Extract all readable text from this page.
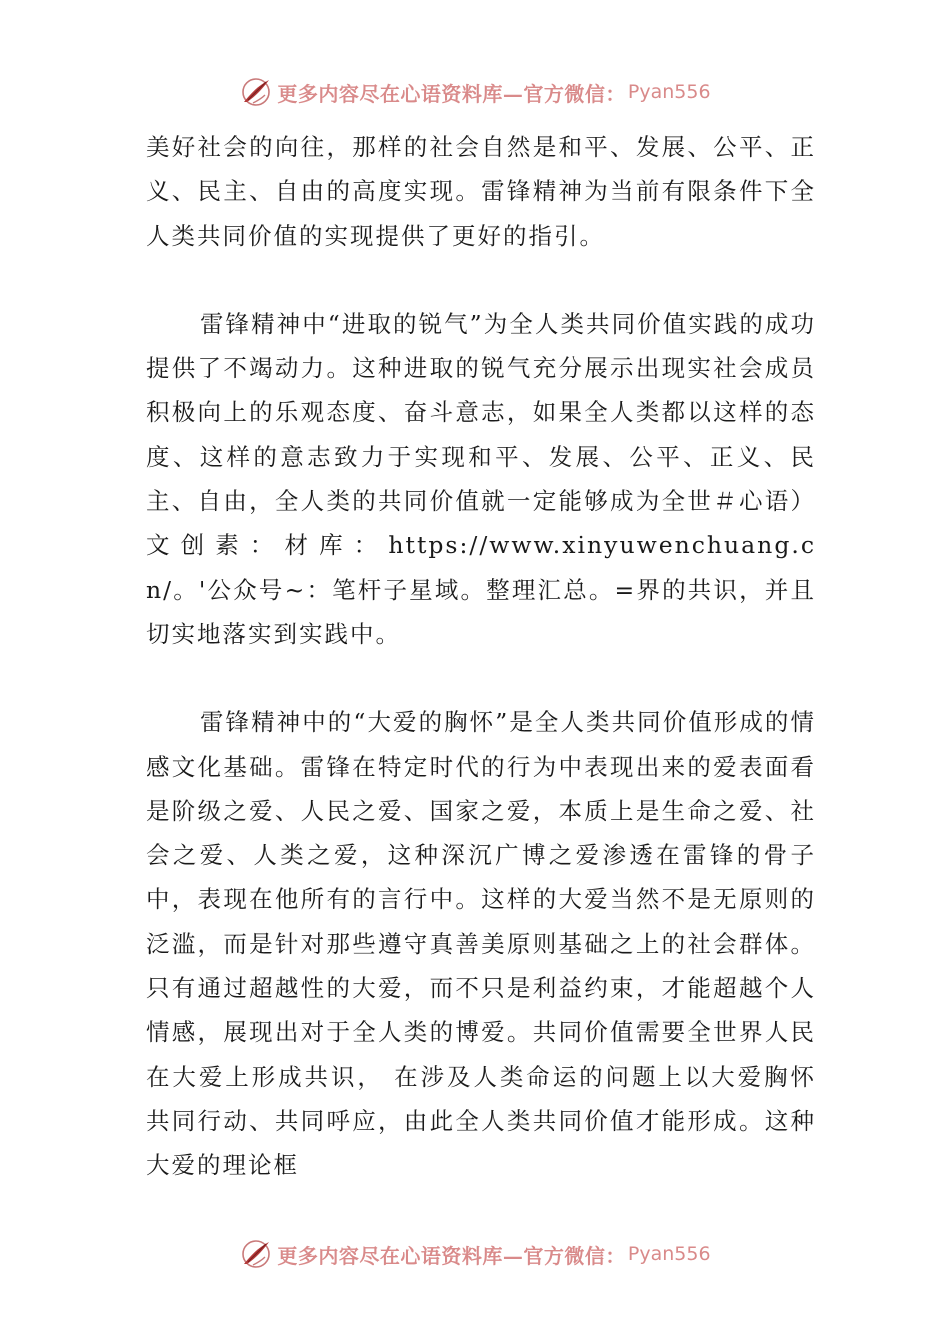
更多内容尽在心语资料库—官方微信： Pyan556

美好社会的向往，那样的社会自然是和平、发展、公平、正义、民主、自由的高度实现。雷锋精神为当前有限条件下全人类共同价值的实现提供了更好的指引。

雷锋精神中“进取的锐气”为全人类共同价值实践的成功提供了不竭动力。这种进取的锐气充分展示出现实社会成员积极向上的乐观态度、奋斗意志，如果全人类都以这样的态度、这样的意志致力于实现和平、发展、公平、正义、民主、自由，全人类的共同价值就一定能够成为全世＃心语）文创素：材库：https://www.xinyuwenchuang.cn/。'公众号~：笔杆子星域。整理汇总。=界的共识，并且切实地落实到实践中。

雷锋精神中的“大爱的胸怀”是全人类共同价值形成的情感文化基础。雷锋在特定时代的行为中表现出来的爱表面看是阶级之爱、人民之爱、国家之爱，本质上是生命之爱、社会之爱、人类之爱，这种深沉广博之爱渗透在雷锋的骨子中，表现在他所有的言行中。这样的大爱当然不是无原则的泛滥，而是针对那些遵守真善美原则基础之上的社会群体。只有通过超越性的大爱，而不只是利益约束，才能超越个人情感，展现出对于全人类的博爱。共同价值需要全世界人民在大爱上形成共识， 在涉及人类命运的问题上以大爱胸怀共同行动、共同呼应，由此全人类共同价值才能形成。这种大爱的理论框

更多内容尽在心语资料库—官方微信： Pyan556
